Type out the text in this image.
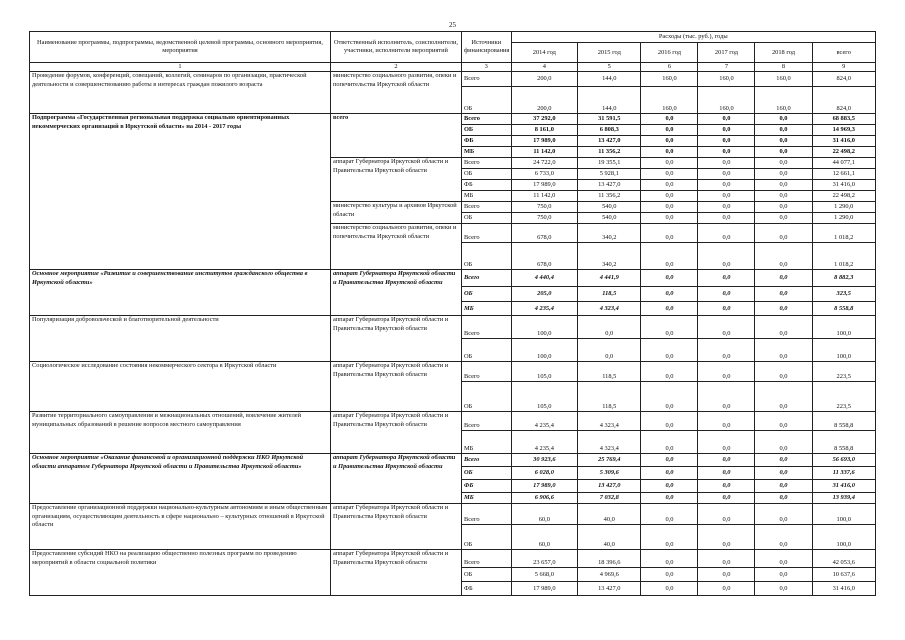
25
Наименование программы, подпрограммы, ведомственной целевой программы, основного мероприятия, мероприятия	Ответственный исполнитель, соисполнители, участники, исполнители мероприятий	Источники финансирования	Расходы (тыс. руб.), годы					
			2014 год	2015 год	2016 год	2017 год	2018 год	всего
1	2	3	4	5	6	7	8	9
Проведение форумов, конференций, совещаний, коллегий, семинаров по организации, практической деятельности и совершенствованию работы в интересах граждан пожилого возраста	министерство социального развития, опеки и попечительства Иркутской области	Всего	200,0	144,0	160,0	160,0	160,0	824,0
		ОБ	200,0	144,0	160,0	160,0	160,0	824,0
Подпрограмма «Государственная региональная поддержка социально ориентированных некоммерческих организаций в Иркутской области» на 2014 - 2017 годы	всего	Всего	37 292,0	31 591,5	0,0	0,0	0,0	68 883,5
		ОБ	8 161,0	6 808,3	0,0	0,0	0,0	14 969,3
		ФБ	17 989,0	13 427,0	0,0	0,0	0,0	31 416,0
		МБ	11 142,0	11 356,2	0,0	0,0	0,0	22 498,2
	аппарат Губернатора Иркутской области и Правительства Иркутской области	Всего	24 722,0	19 355,1	0,0	0,0	0,0	44 077,1
		ОБ	6 733,0	5 928,1	0,0	0,0	0,0	12 661,1
		ФБ	17 989,0	13 427,0	0,0	0,0	0,0	31 416,0
		МБ	11 142,0	11 356,2	0,0	0,0	0,0	22 498,2
	министерство культуры и архивов Иркутской области	Всего	750,0	540,0	0,0	0,0	0,0	1 290,0
		ОБ	750,0	540,0	0,0	0,0	0,0	1 290,0
	министерство социального развития, опеки и попечительства Иркутской области	Всего	678,0	340,2	0,0	0,0	0,0	1 018,2
		ОБ	678,0	340,2	0,0	0,0	0,0	1 018,2
Основное мероприятие «Развитие и совершенствование институтов гражданского общества в Иркутской области»	аппарат Губернатора Иркутской области и Правительства Иркутской области	Всего	4 440,4	4 441,9	0,0	0,0	0,0	8 882,3
		ОБ	205,0	118,5	0,0	0,0	0,0	323,5
		МБ	4 235,4	4 323,4	0,0	0,0	0,0	8 558,8
Популяризация добровольческой и благотворительной деятельности	аппарат Губернатора Иркутской области и Правительства Иркутской области	Всего	100,0	0,0	0,0	0,0	0,0	100,0
		ОБ	100,0	0,0	0,0	0,0	0,0	100,0
Социологическое исследование состояния некоммерческого сектора в Иркутской области	аппарат Губернатора Иркутской области и Правительства Иркутской области	Всего	105,0	118,5	0,0	0,0	0,0	223,5
		ОБ	105,0	118,5	0,0	0,0	0,0	223,5
Развитие территориального самоуправления и межнациональных отношений, вовлечение жителей муниципальных образований в решение вопросов местного самоуправления	аппарат Губернатора Иркутской области и Правительства Иркутской области	Всего	4 235,4	4 323,4	0,0	0,0	0,0	8 558,8
		МБ	4 235,4	4 323,4	0,0	0,0	0,0	8 558,8
Основное мероприятие «Оказание финансовой и организационной поддержки НКО Иркутской области аппаратом Губернатора Иркутской области и Правительства Иркутской области»	аппарат Губернатора Иркутской области и Правительства Иркутской области	Всего	30 923,6	25 769,4	0,0	0,0	0,0	56 693,0
		ОБ	6 028,0	5 309,6	0,0	0,0	0,0	11 337,6
		ФБ	17 989,0	13 427,0	0,0	0,0	0,0	31 416,0
		МБ	6 906,6	7 032,8	0,0	0,0	0,0	13 939,4
Предоставление организационной поддержки национально-культурным автономиям и иным общественным организациям, осуществляющим деятельность в сфере национально – культурных отношений в Иркутской области	аппарат Губернатора Иркутской области и Правительства Иркутской области	Всего	60,0	40,0	0,0	0,0	0,0	100,0
		ОБ	60,0	40,0	0,0	0,0	0,0	100,0
Предоставление субсидий НКО на реализацию общественно полезных программ по проведению мероприятий в области социальной политики	аппарат Губернатора Иркутской области и Правительства Иркутской области	Всего	23 657,0	18 396,6	0,0	0,0	0,0	42 053,6
		ОБ	5 668,0	4 969,6	0,0	0,0	0,0	10 637,6
		ФБ	17 989,0	13 427,0	0,0	0,0	0,0	31 416,0
